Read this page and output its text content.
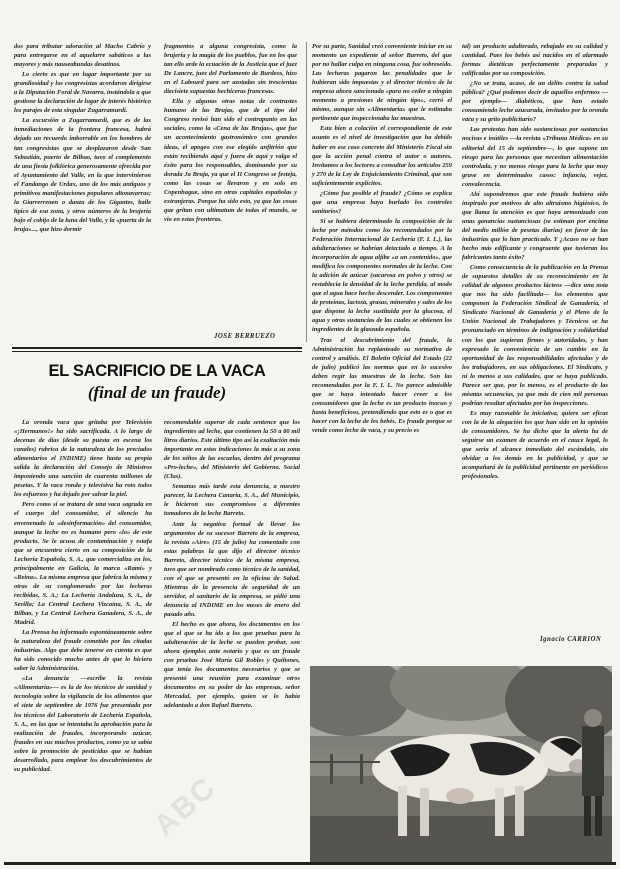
dos para tributar adoración al Macho Cabrío y para entregarse en el aquelarre sabáticos a las mayores y más nauseabundas desatinos.

Lo cierto es que en lugar importante por su grandiosidad y los congresistas acordaron dirigirse a la Diputación Foral de Navarra, instándola a que gestione la declaración de lugar de interés histórico los parajes de esta singular Zugarramurdi.

La excursión a Zugarramurdi, que es de las inmediaciones de la frontera francesa, habrá dejado un recuerdo imborrable en los hombres de tan congresistas que se desplazaron desde San Sebastián, puerto de Bilbao, tuvo el complemento de una fiesta folklórica generosamente ofrecida por el Ayuntamiento del Valle, en la que intervinieron el Fandango de Urdax, uno de los más antiguos y primitivos manifestaciones populares altonavarras; la Giarrerrenen o danza de los Gigantes, baile típico de esa zona, y otros números de la brujería bajo el cobijo de la luna del Valle, y la «puerta de la bruja»..., que hizo dormir

fragmentos a alguna congresista, como la brujería y la magia de los pueblos, fue en los que tan ello arde la ecuación de la Justicia que el juez De Lancre, juez del Parlamento de Burdeos, hizo en el Labourd para ser azotadas sin trescientas diecisiete supuestas hechiceras francesas.

Ella y algunas otras notas de contrastes humano de las Brujas, que de el tipo del Congreso revisó han sido el contrapunto en las sociales, como la «Cena de las Brujas», que fue un acontecimiento gastronómico con grandes ideas, el apogeo con ese elegido anfitrión que están recibiendo aquí y fuera de aquí y valga el éxito para los responsables, dominando por su dorada Ja Bruja, ya que el II Congreso se festeja, como las cosas se llevaron y en solo en Copenhague, sino en otras capitales españolas y extranjeras. Porque ha sido esto, ya que las cosas que gritan con ultimatum de todas el mundo, se vio en estas fronteras.

JOSE BERRUEZO

Por su parte, Sanidad creó conveniente iniciar en su momento un expediente al señor Barreto, del que por no hallar culpa en ninguna cosa, fue sobreseído. Las lecheras pagaron las penalidades que le hubieran sido impuestas y el director técnico de la empresa ahora sancionada «para no ceder a ningún momento a presiones de ningún tipo», cerró el mismo, aunque sin «Alimentaria» que le estimaba pertinente que inspeccionaba las muestras.

Esta bien a colación el correspondiente de este asunto es el nivel de investigación que ha debido haber en ese caso concreto del Ministerio Fiscal sin que la acción penal contra el autor o autores. Invitamos a los lectores a consultar los artículos 259 y 270 de la Ley de Enjuiciamiento Criminal, que son suficientemente explícitos.

¿Cómo fue posible el fraude? ¿Cómo se explica que una empresa haya burlado los controles sanitarios?

Si se hubiera determinado la composición de la leche por métodos como los recomendados por la Federación Internacional de Lechería (F. I. L.), las adulteraciones se habrían detectado a tiempo. A la incorporación de agua aljibe «a un contenido», que modifica los componentes normales de la leche. Con la adición de azúcar (sacarosa en polvo y otros) se restablecía la densidad de la leche perdida, al modo que el agua hace hecho descender. Los componentes de proteínas, lactosa, grasas, minerales y sales de los que dispone la leche sustituida por la glucosa, el agua y otras sustancias de las cuales se obtienen los ingredientes de la glaseada española.

Tras el descubrimiento del fraude, la Administración ha replanteado su normativa de control y análisis. El Boletín Oficial del Estado (22 de julio) publicó las normas que en lo sucesivo deben regir las muestras de la leche. Son las recomendadas por la F. I. L. No parece admisible que se haya intentado hacer creer a los consumidores que la leche es un producto inocuo y hasta beneficioso, pretendiendo que esto es o que es hacer con la leche de los bebés. Es fraude porque se vende como leche de vaca, y su precio es

tal) un producto adulterado, rebajado en su calidad y cantidad. Pues los bebés así nacidos en el alarmado formas dietéticas perfectamente preparadas y calificadas por su composición.

¿No se trata, acaso, de un delito contra la salud pública? ¿Qué podemos decir de aquellos enfermos —por ejemplo— diabéticos, que han estado consumiendo leche azucarada, invitados por la oronda vaca y su grito publicitario?

Las protestas han sido sustanciosas por sustancias nocivas e inútiles —la revista «Tribuna Médica» en su editorial del 15 de septiembre—, lo que supone un riesgo para las personas que necesitan alimentación controlada, y no menos riesgo para la leche que muy grave en determinados casos: infancia, vejez, convalecencia.

Ahí supondremos que este fraude hubiera sido inspirado por motivos de alto altruismo higiénico, lo que llama la atención es que haya armonizado con unas ganancias sustanciosas (se estiman por encima del medio millón de pesetas diarias) en favor de las industrias que lo han practicado. Y ¿Acaso no se han hecho más edificante y congruente que tuvieran los fabricantes tanto éxito?

Como consecuencia de la publicación en la Prensa de supuestos detalles de su reconocimiento en la calidad de algunos productos lácteos —dice una nota que nos ha sido facilitada— los elementos que componen la Federación Sindical de Ganadería, el Sindicato Nacional de Ganadería y el Pleno de la Unión Nacional de Trabajadores y Técnicos se ha pronunciado en términos de indignación y solidaridad con los que supieran firmes y autoridades, y han expresado la conveniencia de un cambio en la oportunidad de las responsabilidades afectadas y de los trabajadores, en sus obligaciones. El Sindicato, y ni lo menos a sus calidades, que se haya publicado. Parece ser que, por lo menos, es el producto de las mismas secuencias, ya que más de cien mil personas podrían resultar afectadas por las inspecciones.

Es muy razonable la iniciativa, quiere ser eficaz con la de la alegación los que han sido en la opinión de consumidores. Se ha dicho que la alerta ha de seguirse un examen de acuerdo en el cauce legal, lo que sería el alcance inmediato del escándalo, sin olvidar a los demás en la publicidad, y que se acompañará de la publicidad pertinente en periódicos profesionales.

Ignacio CARRION
EL SACRIFICIO DE LA VACA
(final de un fraude)

La oronda vaca que gritaba por Televisión «¡Hermanos!» ha sido sacrificada. A lo largo de decenas de días (desde su puesta en escena los canales) rubrica de la naturaleza de los preciados alimentarios el INDIME) tiene hasta su propia salida la declaración del Consejo de Ministros imponiendo una sanción de cuarenta millones de pesetas. Y la vaca ronda y televisiva ha roto todos los esfuerzos y ha dejado por salvar la piel.

Pero como si se tratara de una vaca sagrada en el cuerpo del consumidor, el silencio ha envenenado la «desinformación» del consumidor, aunque la leche no es humano pero «lo» de este producto. Se le acusa de contaminación y estafa que se encuentra cierto en su composición de la Lechería Española, S. A., que comercializa en los, principalmente en Galicia, la marca «Rami» y «Reina». La misma empresa que fabrica la misma y otras de su conglomerado por las lecheras recibidas, S. A.; La Lechería Andaluza, S. A., de Sevilla; La Central Lechera Vizcaína, S. A., de Bilbao, y La Central Lechera Ganadera, S. A., de Madrid.

La Prensa ha informado espontáneamente sobre la naturaleza del fraude cometido por las citadas industrias. Algo que debe tenerse en cuenta es que ha sido conocido mucho antes de que lo hiciera saber la Administración.

«La denuncia —escribe la revista «Alimentaria»— es la de los técnicos de sanidad y tecnología sobre la vigilancia de los alimentos que el siete de septiembre de 1976 fue presentada por los técnicos del Laboratorio de Lechería Española, S. A., en las que se intentaba la aprobación para la realización de fraudes, incorporando azúcar, fraudes en sus muchos productos, como ya se sabía sobre la promoción de pesticidas que se habían desarrollado, para emplear los descubrimientos de su publicidad.

recomendable superar de cada sentence que los ingredientes ad leche, que contienen la 50 a 80 mil litros diarios. Este último tipo así la exaltación más importante en estas indicaciones la más a su zona de los niños de las escuelas, dentro del programa «Pro-leche», del Ministerio del Gobierno. Social (Clus).

Semanas más tarde esta denuncia, a nuestro parecer, la Lechera Canaria, S. A., del Municipio, le hicieron sus compromisos a diferentes tomadores de la leche Barreto.

Ante la negativa formal de llevar los argumentos de su sucesor Barreto de la empresa, la revista «Aire» (15 de julio) ha comentado con estas palabras la que dijo el director técnico Barreto, director técnico de la misma empresa, tuvo que ser nombrado como técnico de la sanidad, con el que se presentó en la oficina de Salud. Mientras de la presencia de seguridad de un servidor, el sanitario de la empresa, se pidió una denuncia al INDIME en los meses de enero del pasado año.

El hecho es que ahora, los documentos en los que el que se ha ido a los que pruebas para la adulteración de la leche se pueden probar, son ahora ejemplos ante notario y que es un fraude con pruebas José María Gil Robles y Quiñones, que tenía los documentos necesarios y que se presentó una reunión para examinar otros documentos en su poder de las empresas, señor Mercadal, por ejemplo, quien se lo había adelantado a don Rafael Barreto.

ABC
